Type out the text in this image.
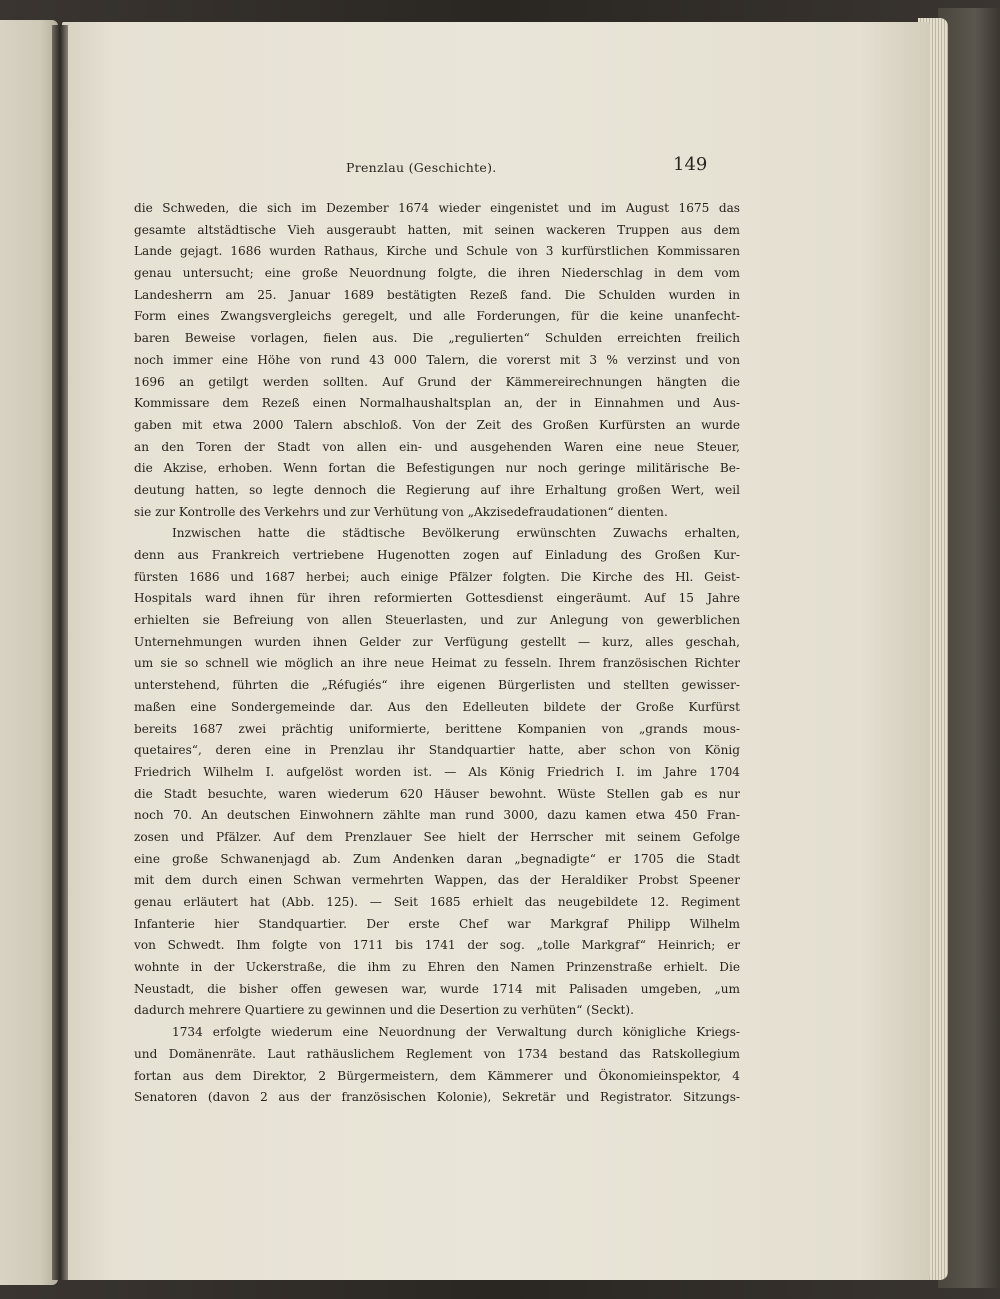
Prenzlau (Geschichte).	149
die Schweden, die sich im Dezember 1674 wieder eingenistet und im August 1675 das
gesamte altstädtische Vieh ausgeraubt hatten, mit seinen wackeren Truppen aus dem
Lande gejagt. 1686 wurden Rathaus, Kirche und Schule von 3 kurfürstlichen Kommissaren
genau untersucht; eine große Neuordnung folgte, die ihren Niederschlag in dem vom
Landesherrn am 25. Januar 1689 bestätigten Rezeß fand. Die Schulden wurden in
Form eines Zwangsvergleichs geregelt, und alle Forderungen, für die keine unanfecht-
baren Beweise vorlagen, fielen aus. Die „regulierten“ Schulden erreichten freilich
noch immer eine Höhe von rund 43 000 Talern, die vorerst mit 3 % verzinst und von
1696 an getilgt werden sollten. Auf Grund der Kämmereirechnungen hängten die
Kommissare dem Rezeß einen Normalhaushaltsplan an, der in Einnahmen und Aus-
gaben mit etwa 2000 Talern abschloß. Von der Zeit des Großen Kurfürsten an wurde
an den Toren der Stadt von allen ein- und ausgehenden Waren eine neue Steuer,
die Akzise, erhoben. Wenn fortan die Befestigungen nur noch geringe militärische Be-
deutung hatten, so legte dennoch die Regierung auf ihre Erhaltung großen Wert, weil
sie zur Kontrolle des Verkehrs und zur Verhütung von „Akzisedefraudationen“ dienten.
Inzwischen hatte die städtische Bevölkerung erwünschten Zuwachs erhalten,
denn aus Frankreich vertriebene Hugenotten zogen auf Einladung des Großen Kur-
fürsten 1686 und 1687 herbei; auch einige Pfälzer folgten. Die Kirche des Hl. Geist-
Hospitals ward ihnen für ihren reformierten Gottesdienst eingeräumt. Auf 15 Jahre
erhielten sie Befreiung von allen Steuerlasten, und zur Anlegung von gewerblichen
Unternehmungen wurden ihnen Gelder zur Verfügung gestellt — kurz, alles geschah,
um sie so schnell wie möglich an ihre neue Heimat zu fesseln. Ihrem französischen Richter
unterstehend, führten die „Réfugiés“ ihre eigenen Bürgerlisten und stellten gewisser-
maßen eine Sondergemeinde dar. Aus den Edelleuten bildete der Große Kurfürst
bereits 1687 zwei prächtig uniformierte, berittene Kompanien von „grands mous-
quetaires“, deren eine in Prenzlau ihr Standquartier hatte, aber schon von König
Friedrich Wilhelm I. aufgelöst worden ist. — Als König Friedrich I. im Jahre 1704
die Stadt besuchte, waren wiederum 620 Häuser bewohnt. Wüste Stellen gab es nur
noch 70. An deutschen Einwohnern zählte man rund 3000, dazu kamen etwa 450 Fran-
zosen und Pfälzer. Auf dem Prenzlauer See hielt der Herrscher mit seinem Gefolge
eine große Schwanenjagd ab. Zum Andenken daran „begnadigte“ er 1705 die Stadt
mit dem durch einen Schwan vermehrten Wappen, das der Heraldiker Probst Speener
genau erläutert hat (Abb. 125). — Seit 1685 erhielt das neugebildete 12. Regiment
Infanterie hier Standquartier. Der erste Chef war Markgraf Philipp Wilhelm
von Schwedt. Ihm folgte von 1711 bis 1741 der sog. „tolle Markgraf“ Heinrich; er
wohnte in der Uckerstraße, die ihm zu Ehren den Namen Prinzenstraße erhielt. Die
Neustadt, die bisher offen gewesen war, wurde 1714 mit Palisaden umgeben, „um
dadurch mehrere Quartiere zu gewinnen und die Desertion zu verhüten“ (Seckt).
1734 erfolgte wiederum eine Neuordnung der Verwaltung durch königliche Kriegs-
und Domänenräte. Laut rathäuslichem Reglement von 1734 bestand das Ratskollegium
fortan aus dem Direktor, 2 Bürgermeistern, dem Kämmerer und Ökonomieinspektor, 4
Senatoren (davon 2 aus der französischen Kolonie), Sekretär und Registrator. Sitzungs-
